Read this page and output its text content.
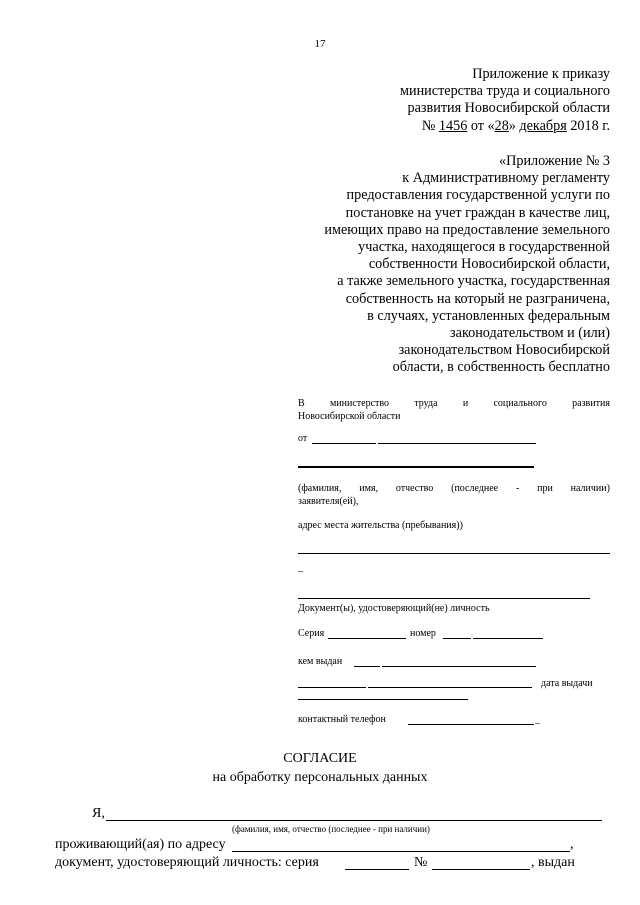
17
Приложение к приказу
министерства труда и социального
развития Новосибирской области
№ 1456 от «28» декабря 2018 г.
«Приложение № 3
к Административному регламенту
предоставления государственной услуги по
постановке на учет граждан в качестве лиц,
имеющих право на предоставление земельного
участка, находящегося в государственной
собственности Новосибирской области,
а также земельного участка, государственная
собственность на который не разграничена,
в случаях, установленных федеральным
законодательством и (или)
законодательством Новосибирской
области, в собственность бесплатно
В	министерство	труда	и	социального	развития
Новосибирской области
от
(фамилия, имя, отчество (последнее - при наличии)
заявителя(ей),
адрес места жительства (пребывания))
_
Документ(ы), удостоверяющий(не) личность
Серия	номер
кем выдан
дата выдачи
контактный телефон	_
СОГЛАСИЕ
на обработку персональных данных
Я,
(фамилия, имя, отчество (последнее - при наличии)
проживающий(ая) по адресу	,
документ, удостоверяющий личность: серия	№	, выдан
